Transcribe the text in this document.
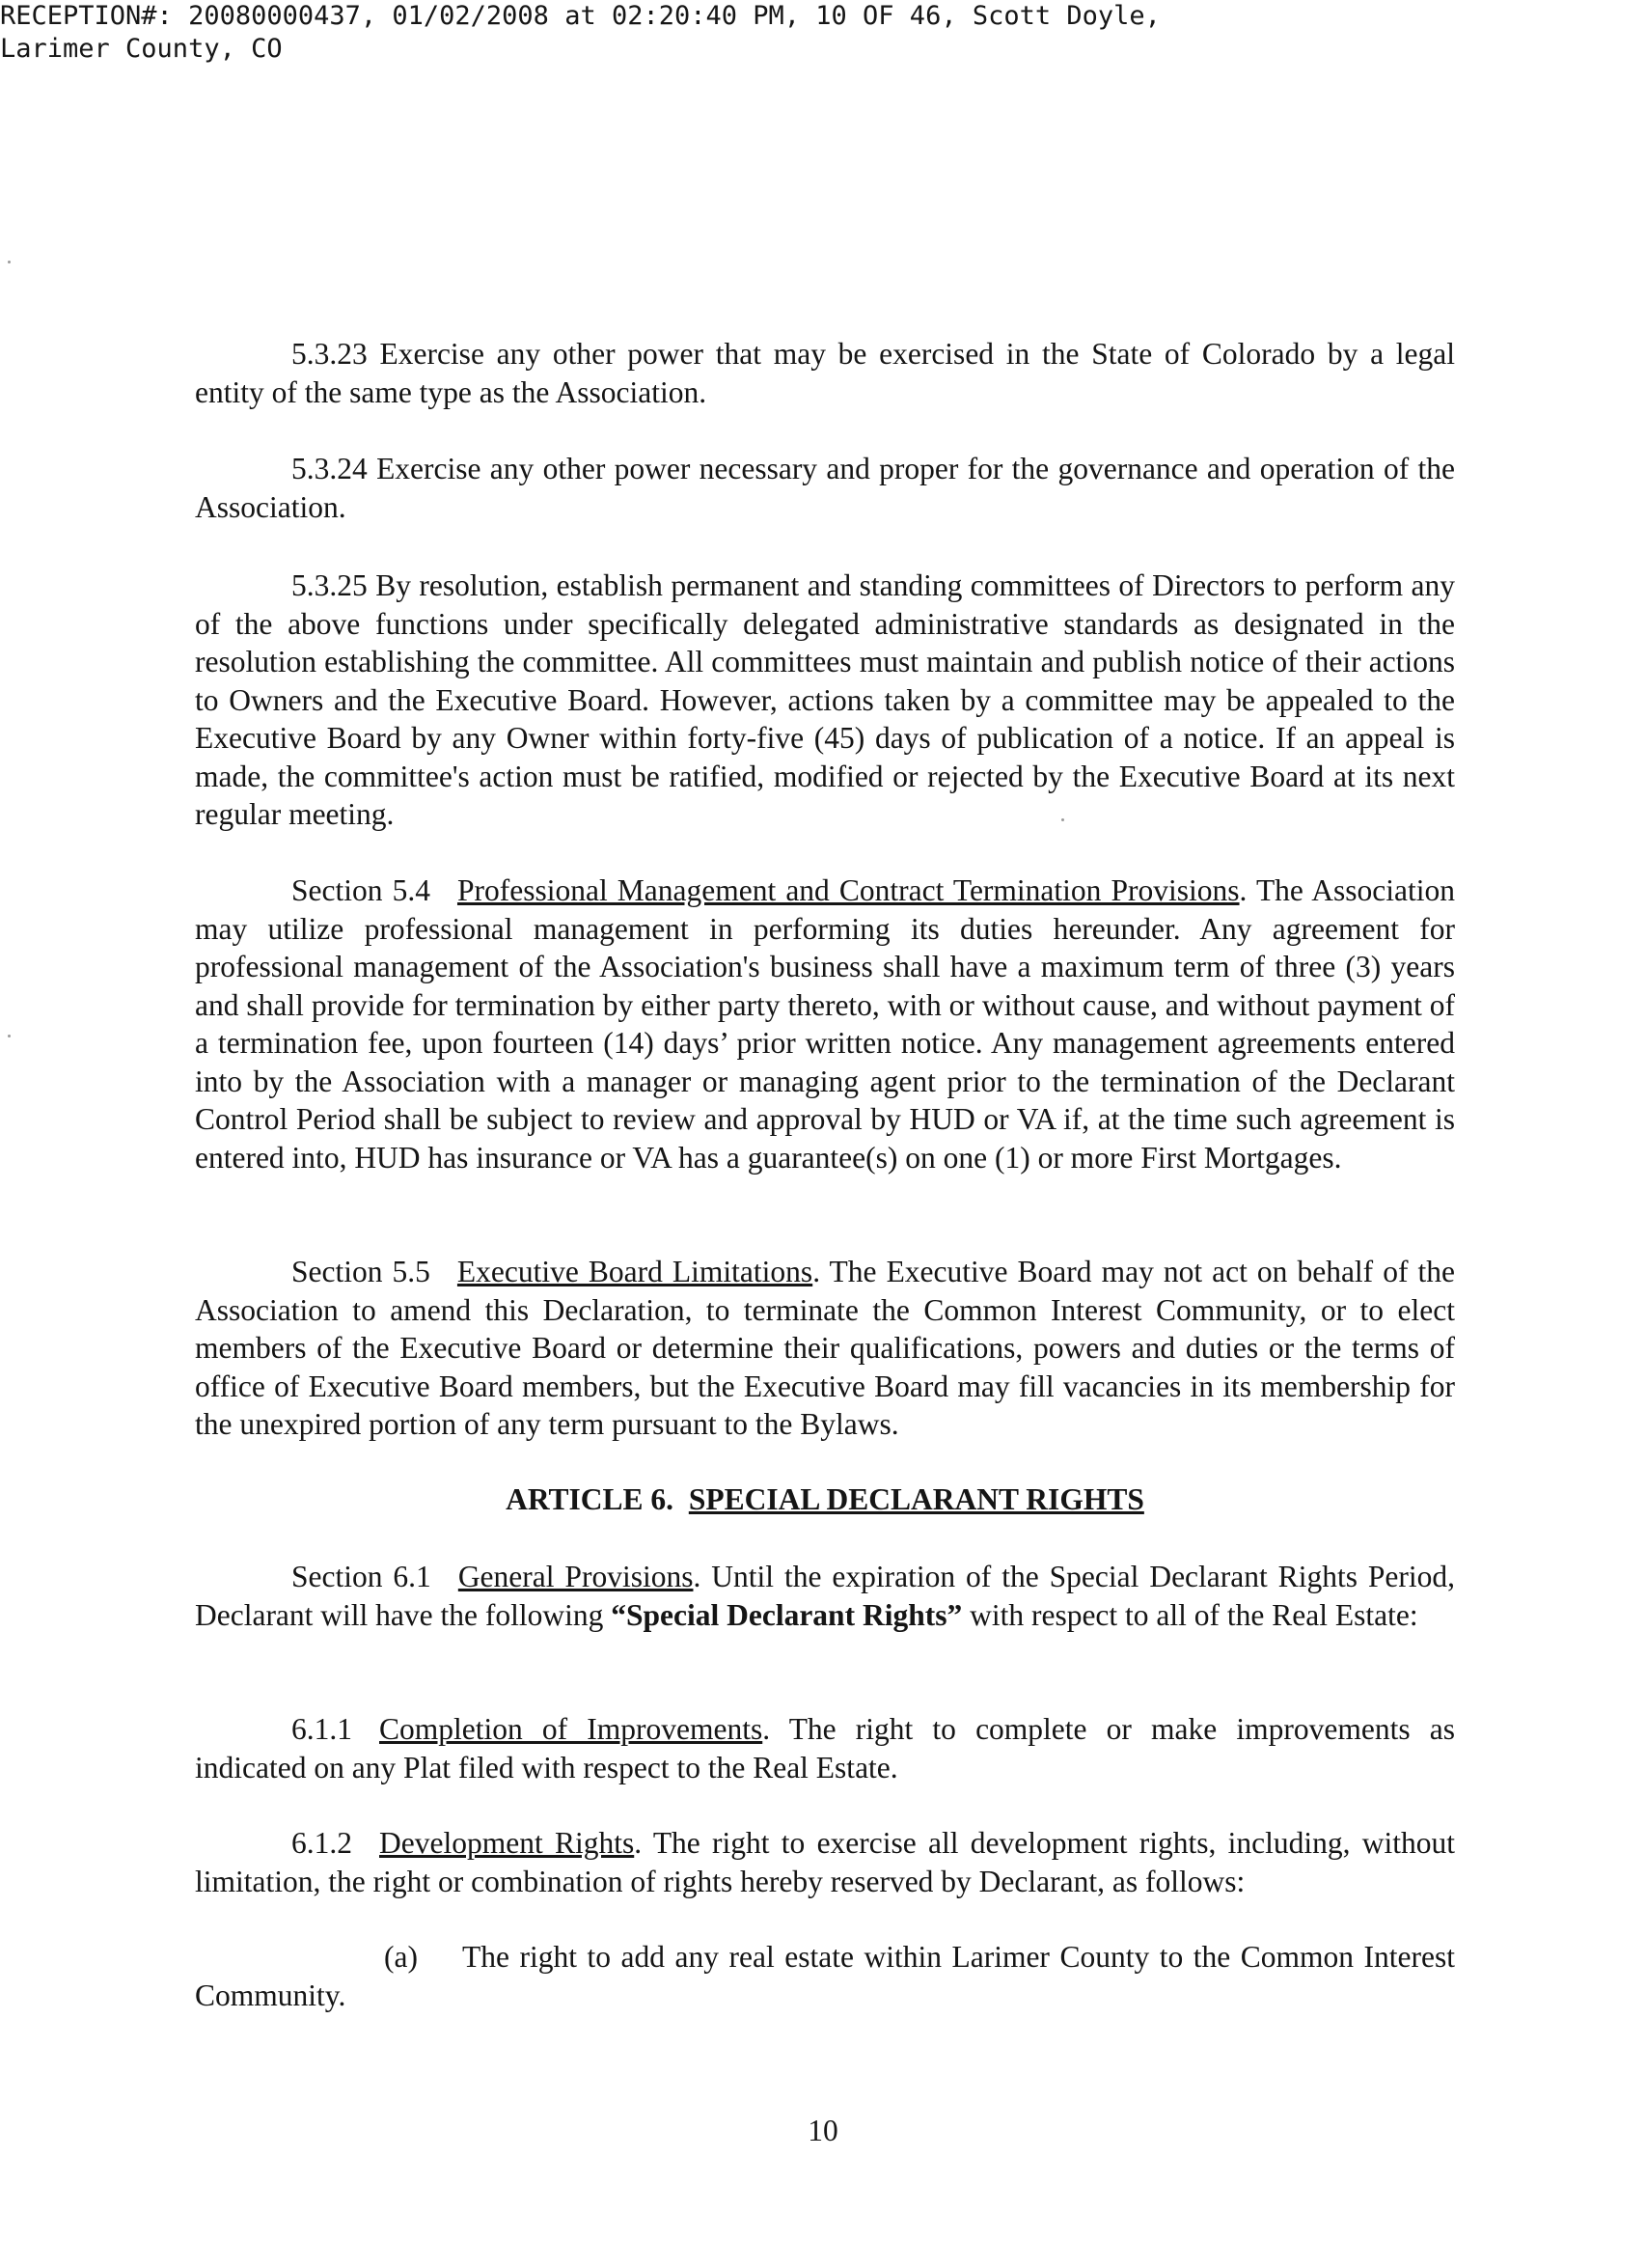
RECEPTION#: 20080000437, 01/02/2008 at 02:20:40 PM, 10 OF 46, Scott Doyle,
Larimer County, CO

5.3.23 Exercise any other power that may be exercised in the State of Colorado by a legal entity of the same type as the Association.

5.3.24 Exercise any other power necessary and proper for the governance and operation of the Association.

5.3.25 By resolution, establish permanent and standing committees of Directors to perform any of the above functions under specifically delegated administrative standards as designated in the resolution establishing the committee. All committees must maintain and publish notice of their actions to Owners and the Executive Board. However, actions taken by a committee may be appealed to the Executive Board by any Owner within forty-five (45) days of publication of a notice. If an appeal is made, the committee's action must be ratified, modified or rejected by the Executive Board at its next regular meeting.

Section 5.4 Professional Management and Contract Termination Provisions. The Association may utilize professional management in performing its duties hereunder. Any agreement for professional management of the Association's business shall have a maximum term of three (3) years and shall provide for termination by either party thereto, with or without cause, and without payment of a termination fee, upon fourteen (14) days’ prior written notice. Any management agreements entered into by the Association with a manager or managing agent prior to the termination of the Declarant Control Period shall be subject to review and approval by HUD or VA if, at the time such agreement is entered into, HUD has insurance or VA has a guarantee(s) on one (1) or more First Mortgages.

Section 5.5 Executive Board Limitations. The Executive Board may not act on behalf of the Association to amend this Declaration, to terminate the Common Interest Community, or to elect members of the Executive Board or determine their qualifications, powers and duties or the terms of office of Executive Board members, but the Executive Board may fill vacancies in its membership for the unexpired portion of any term pursuant to the Bylaws.

ARTICLE 6. SPECIAL DECLARANT RIGHTS

Section 6.1 General Provisions. Until the expiration of the Special Declarant Rights Period, Declarant will have the following “Special Declarant Rights” with respect to all of the Real Estate:

6.1.1 Completion of Improvements. The right to complete or make improvements as indicated on any Plat filed with respect to the Real Estate.

6.1.2 Development Rights. The right to exercise all development rights, including, without limitation, the right or combination of rights hereby reserved by Declarant, as follows:

(a) The right to add any real estate within Larimer County to the Common Interest Community.

10
